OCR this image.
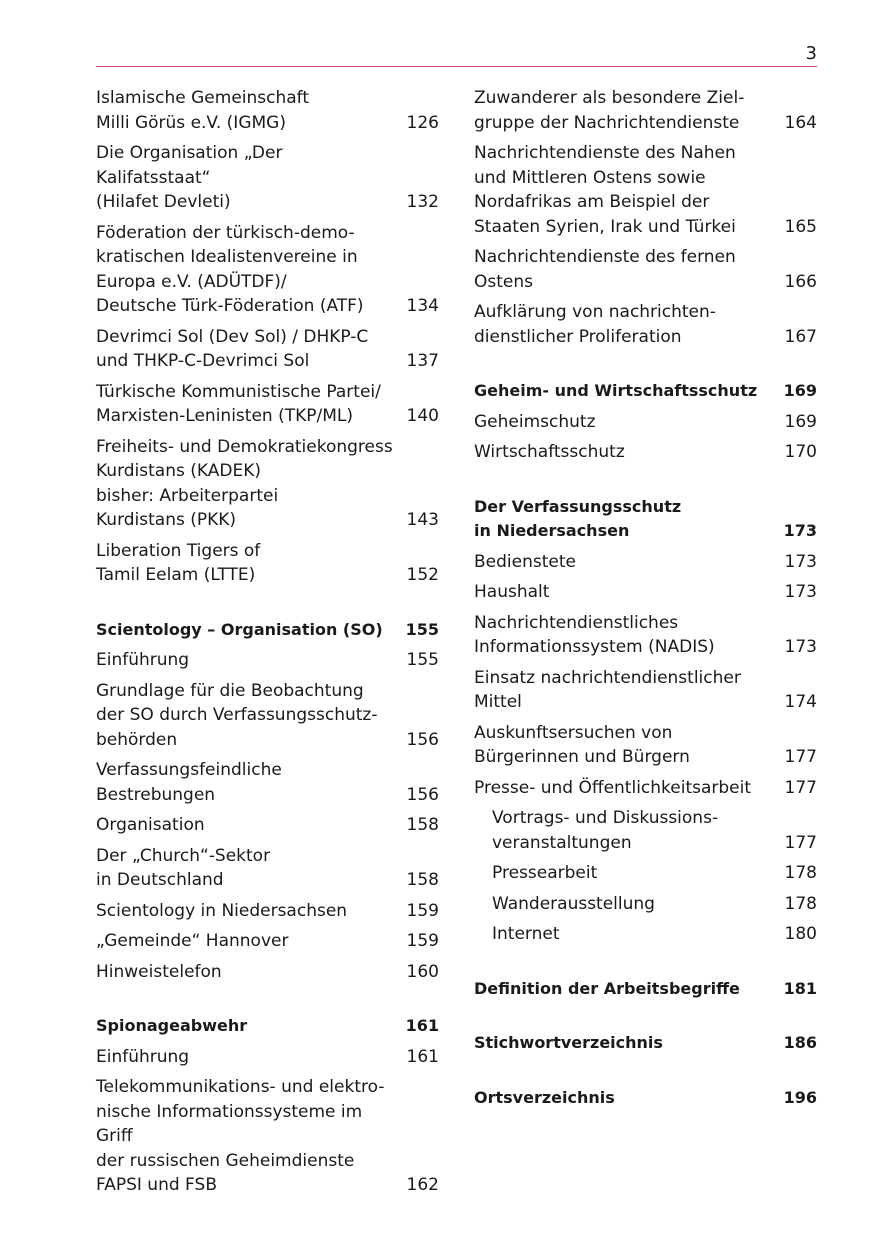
3
Islamische Gemeinschaft
Milli Görüs e.V. (IGMG)	126
Die Organisation „Der Kalifatsstaat“
(Hilafet Devleti)	132
Föderation der türkisch-demo-
kratischen Idealistenvereine in
Europa e.V. (ADÜTDF)/
Deutsche Türk-Föderation (ATF)	134
Devrimci Sol (Dev Sol) / DHKP-C
und THKP-C-Devrimci Sol	137
Türkische Kommunistische Partei/
Marxisten-Leninisten (TKP/ML)	140
Freiheits- und Demokratiekongress
Kurdistans (KADEK)
bisher: Arbeiterpartei
Kurdistans (PKK)	143
Liberation Tigers of
Tamil Eelam (LTTE)	152
Scientology – Organisation (SO)	155
Einführung	155
Grundlage für die Beobachtung
der SO durch Verfassungsschutz-
behörden	156
Verfassungsfeindliche
Bestrebungen	156
Organisation	158
Der „Church“-Sektor
in Deutschland	158
Scientology in Niedersachsen	159
„Gemeinde“ Hannover	159
Hinweistelefon	160
Spionageabwehr	161
Einführung	161
Telekommunikations- und elektro-
nische Informationssysteme im Griff
der russischen Geheimdienste
FAPSI und FSB	162
Zuwanderer als besondere Ziel-
gruppe der Nachrichtendienste	164
Nachrichtendienste des Nahen
und Mittleren Ostens sowie
Nordafrikas am Beispiel der
Staaten Syrien, Irak und Türkei	165
Nachrichtendienste des fernen
Ostens	166
Aufklärung von nachrichten-
dienstlicher Proliferation	167
Geheim- und Wirtschaftsschutz	169
Geheimschutz	169
Wirtschaftsschutz	170
Der Verfassungsschutz
in Niedersachsen	173
Bedienstete	173
Haushalt	173
Nachrichtendienstliches
Informationssystem (NADIS)	173
Einsatz nachrichtendienstlicher
Mittel	174
Auskunftsersuchen von
Bürgerinnen und Bürgern	177
Presse- und Öffentlichkeitsarbeit	177
Vortrags- und Diskussions-
veranstaltungen	177
Pressearbeit	178
Wanderausstellung	178
Internet	180
Definition der Arbeitsbegriffe	181
Stichwortverzeichnis	186
Ortsverzeichnis	196
